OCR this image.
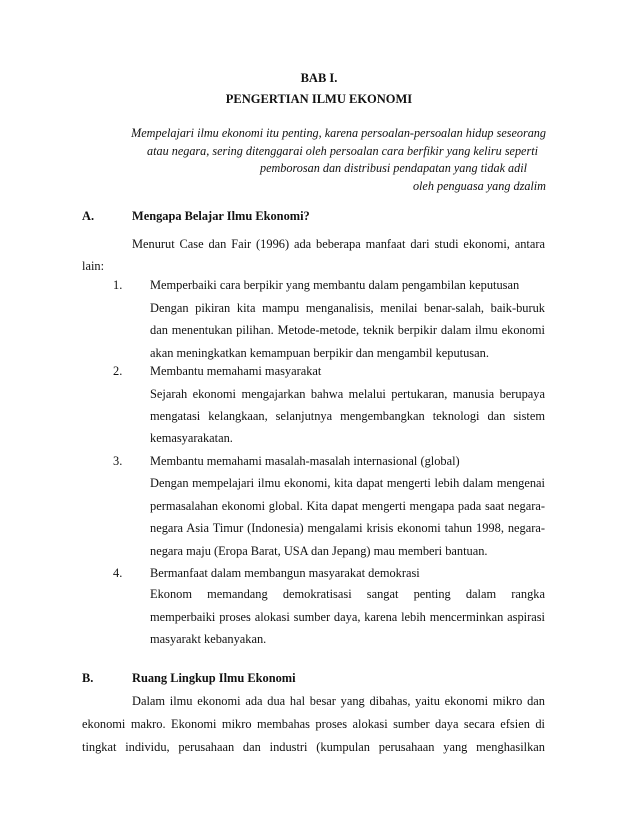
BAB I.
PENGERTIAN ILMU EKONOMI
Mempelajari ilmu ekonomi itu penting, karena persoalan-persoalan hidup seseorang
atau negara, sering ditenggarai oleh persoalan cara berfikir yang keliru seperti
pemborosan dan distribusi pendapatan yang tidak adil
oleh penguasa yang dzalim
A.	Mengapa Belajar Ilmu Ekonomi?
Menurut Case dan Fair (1996) ada beberapa manfaat dari studi ekonomi, antara
lain:
1. Memperbaiki cara berpikir yang membantu dalam pengambilan keputusan
Dengan pikiran kita mampu menganalisis, menilai benar-salah, baik-buruk
dan menentukan pilihan. Metode-metode, teknik berpikir dalam ilmu ekonomi
akan meningkatkan kemampuan berpikir dan mengambil keputusan.
2. Membantu memahami masyarakat
Sejarah ekonomi mengajarkan bahwa melalui pertukaran, manusia berupaya
mengatasi kelangkaan, selanjutnya mengembangkan teknologi dan sistem
kemasyarakatan.
3. Membantu memahami masalah-masalah internasional (global)
Dengan mempelajari ilmu ekonomi, kita dapat mengerti lebih dalam mengenai
permasalahan ekonomi global. Kita dapat mengerti mengapa pada saat negara-
negara Asia Timur (Indonesia) mengalami krisis ekonomi tahun 1998, negara-
negara maju (Eropa Barat, USA dan Jepang) mau memberi bantuan.
4. Bermanfaat dalam membangun masyarakat demokrasi
Ekonom memandang demokratisasi sangat penting dalam rangka
memperbaiki proses alokasi sumber daya, karena lebih mencerminkan aspirasi
masyarakt kebanyakan.
B.	Ruang Lingkup Ilmu Ekonomi
Dalam ilmu ekonomi ada dua hal besar yang dibahas, yaitu ekonomi mikro dan
ekonomi makro. Ekonomi mikro membahas proses alokasi sumber daya secara efsien di
tingkat individu, perusahaan dan industri (kumpulan perusahaan yang menghasilkan
